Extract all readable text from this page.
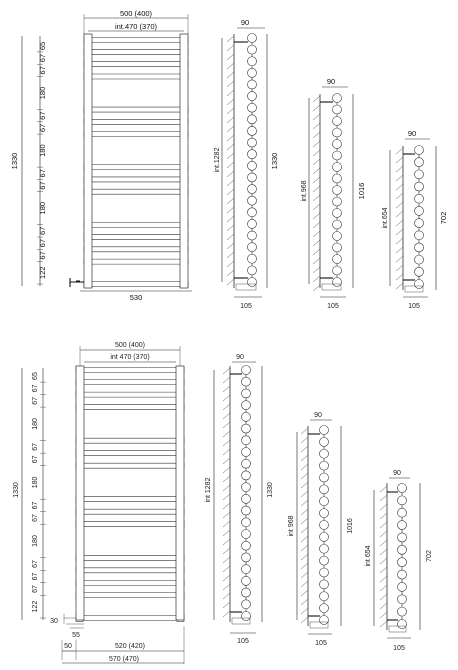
500 (400)
int.470 (370)
530
1330
65
67
67
180
67
67
180
67
67
180
67
67
67
122
90
int.1282	1330
105
90
int.968	1016
105
90
int.654	702
105
500 (400)
int 470 (370)
1330
65
67
67
180
67
67
180
67
67
180
67
67
67
122
30
55
50	520 (420)
570 (470)
90
int 1282	1330
105
90
int 968	1016
105
90
int 654	702
105
